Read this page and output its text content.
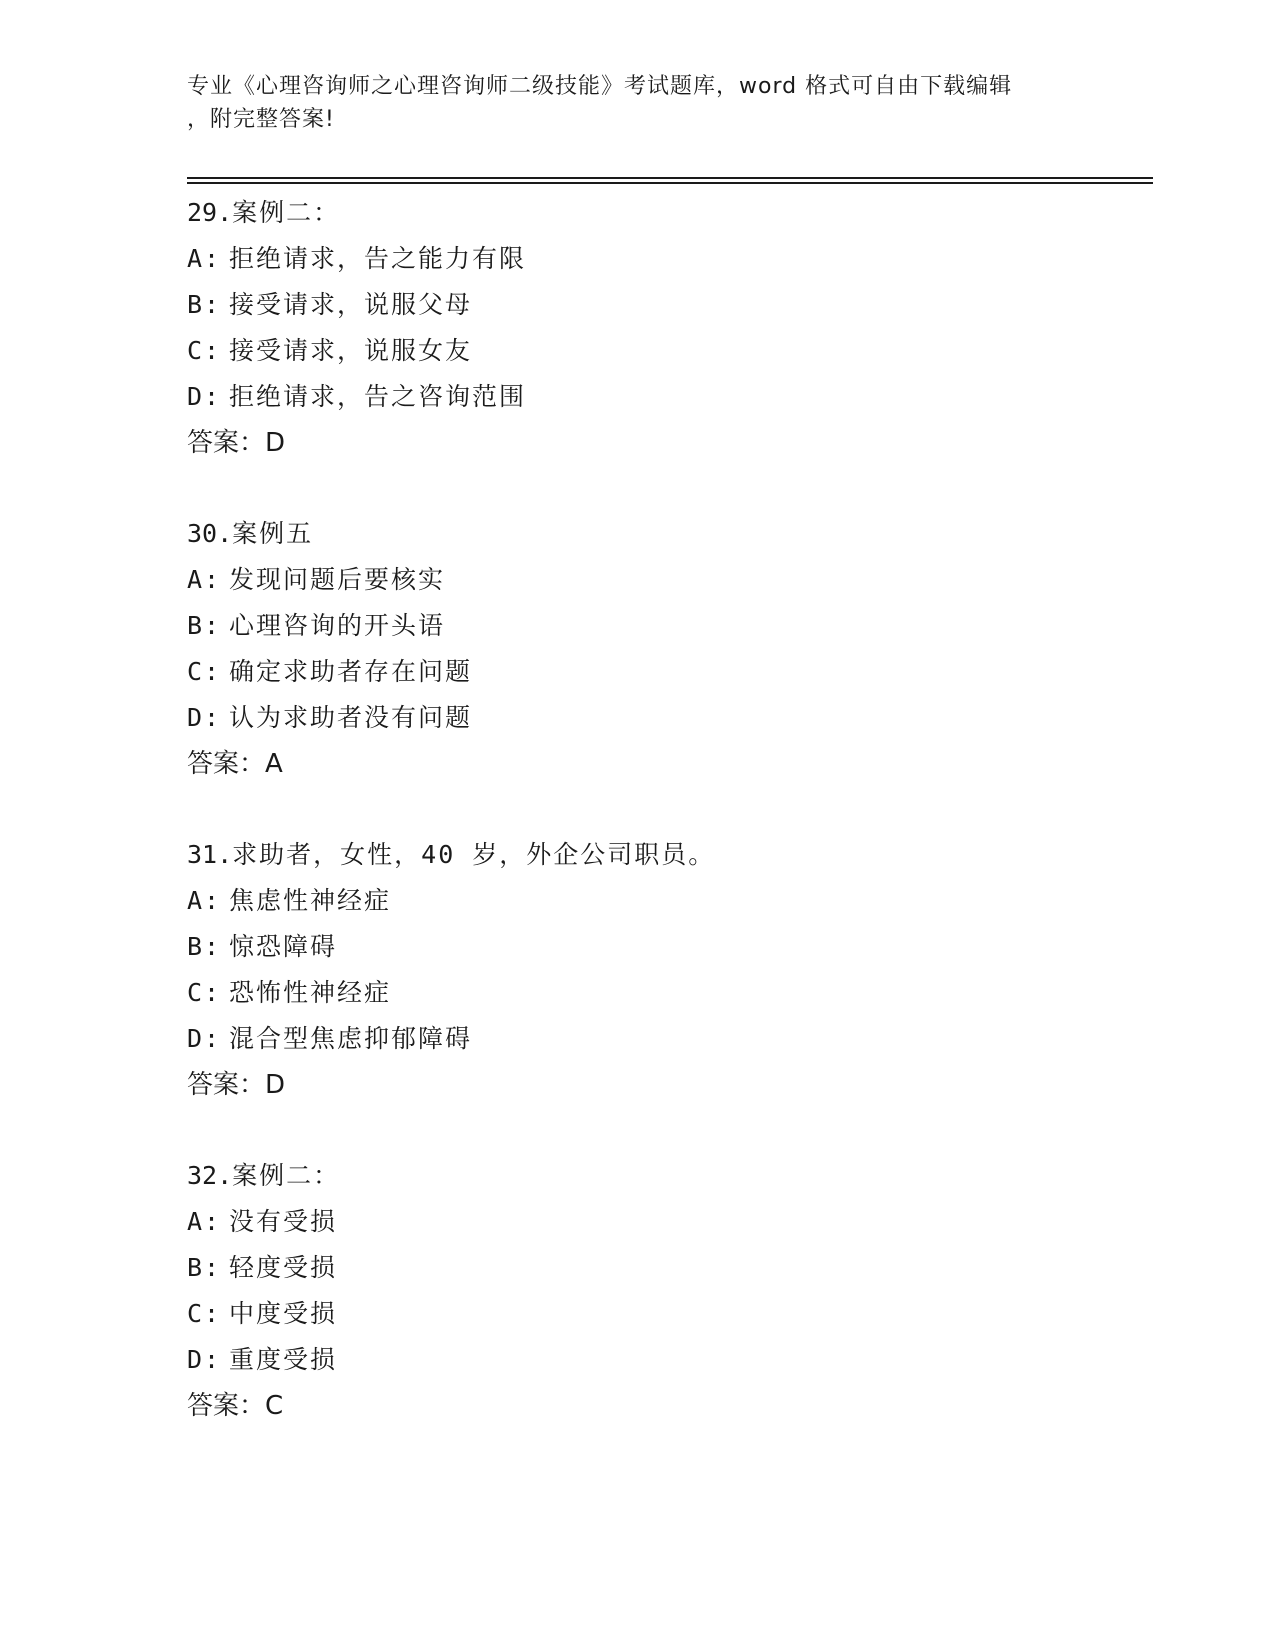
专业《心理咨询师之心理咨询师二级技能》考试题库，word 格式可自由下载编辑
，附完整答案!
29.案例二：
A: 拒绝请求，告之能力有限
B: 接受请求，说服父母
C: 接受请求，说服女友
D: 拒绝请求，告之咨询范围
答案：D
30.案例五
A: 发现问题后要核实
B: 心理咨询的开头语
C: 确定求助者存在问题
D: 认为求助者没有问题
答案：A
31.求助者，女性，40 岁，外企公司职员。
A: 焦虑性神经症
B: 惊恐障碍
C: 恐怖性神经症
D: 混合型焦虑抑郁障碍
答案：D
32.案例二：
A: 没有受损
B: 轻度受损
C: 中度受损
D: 重度受损
答案：C
